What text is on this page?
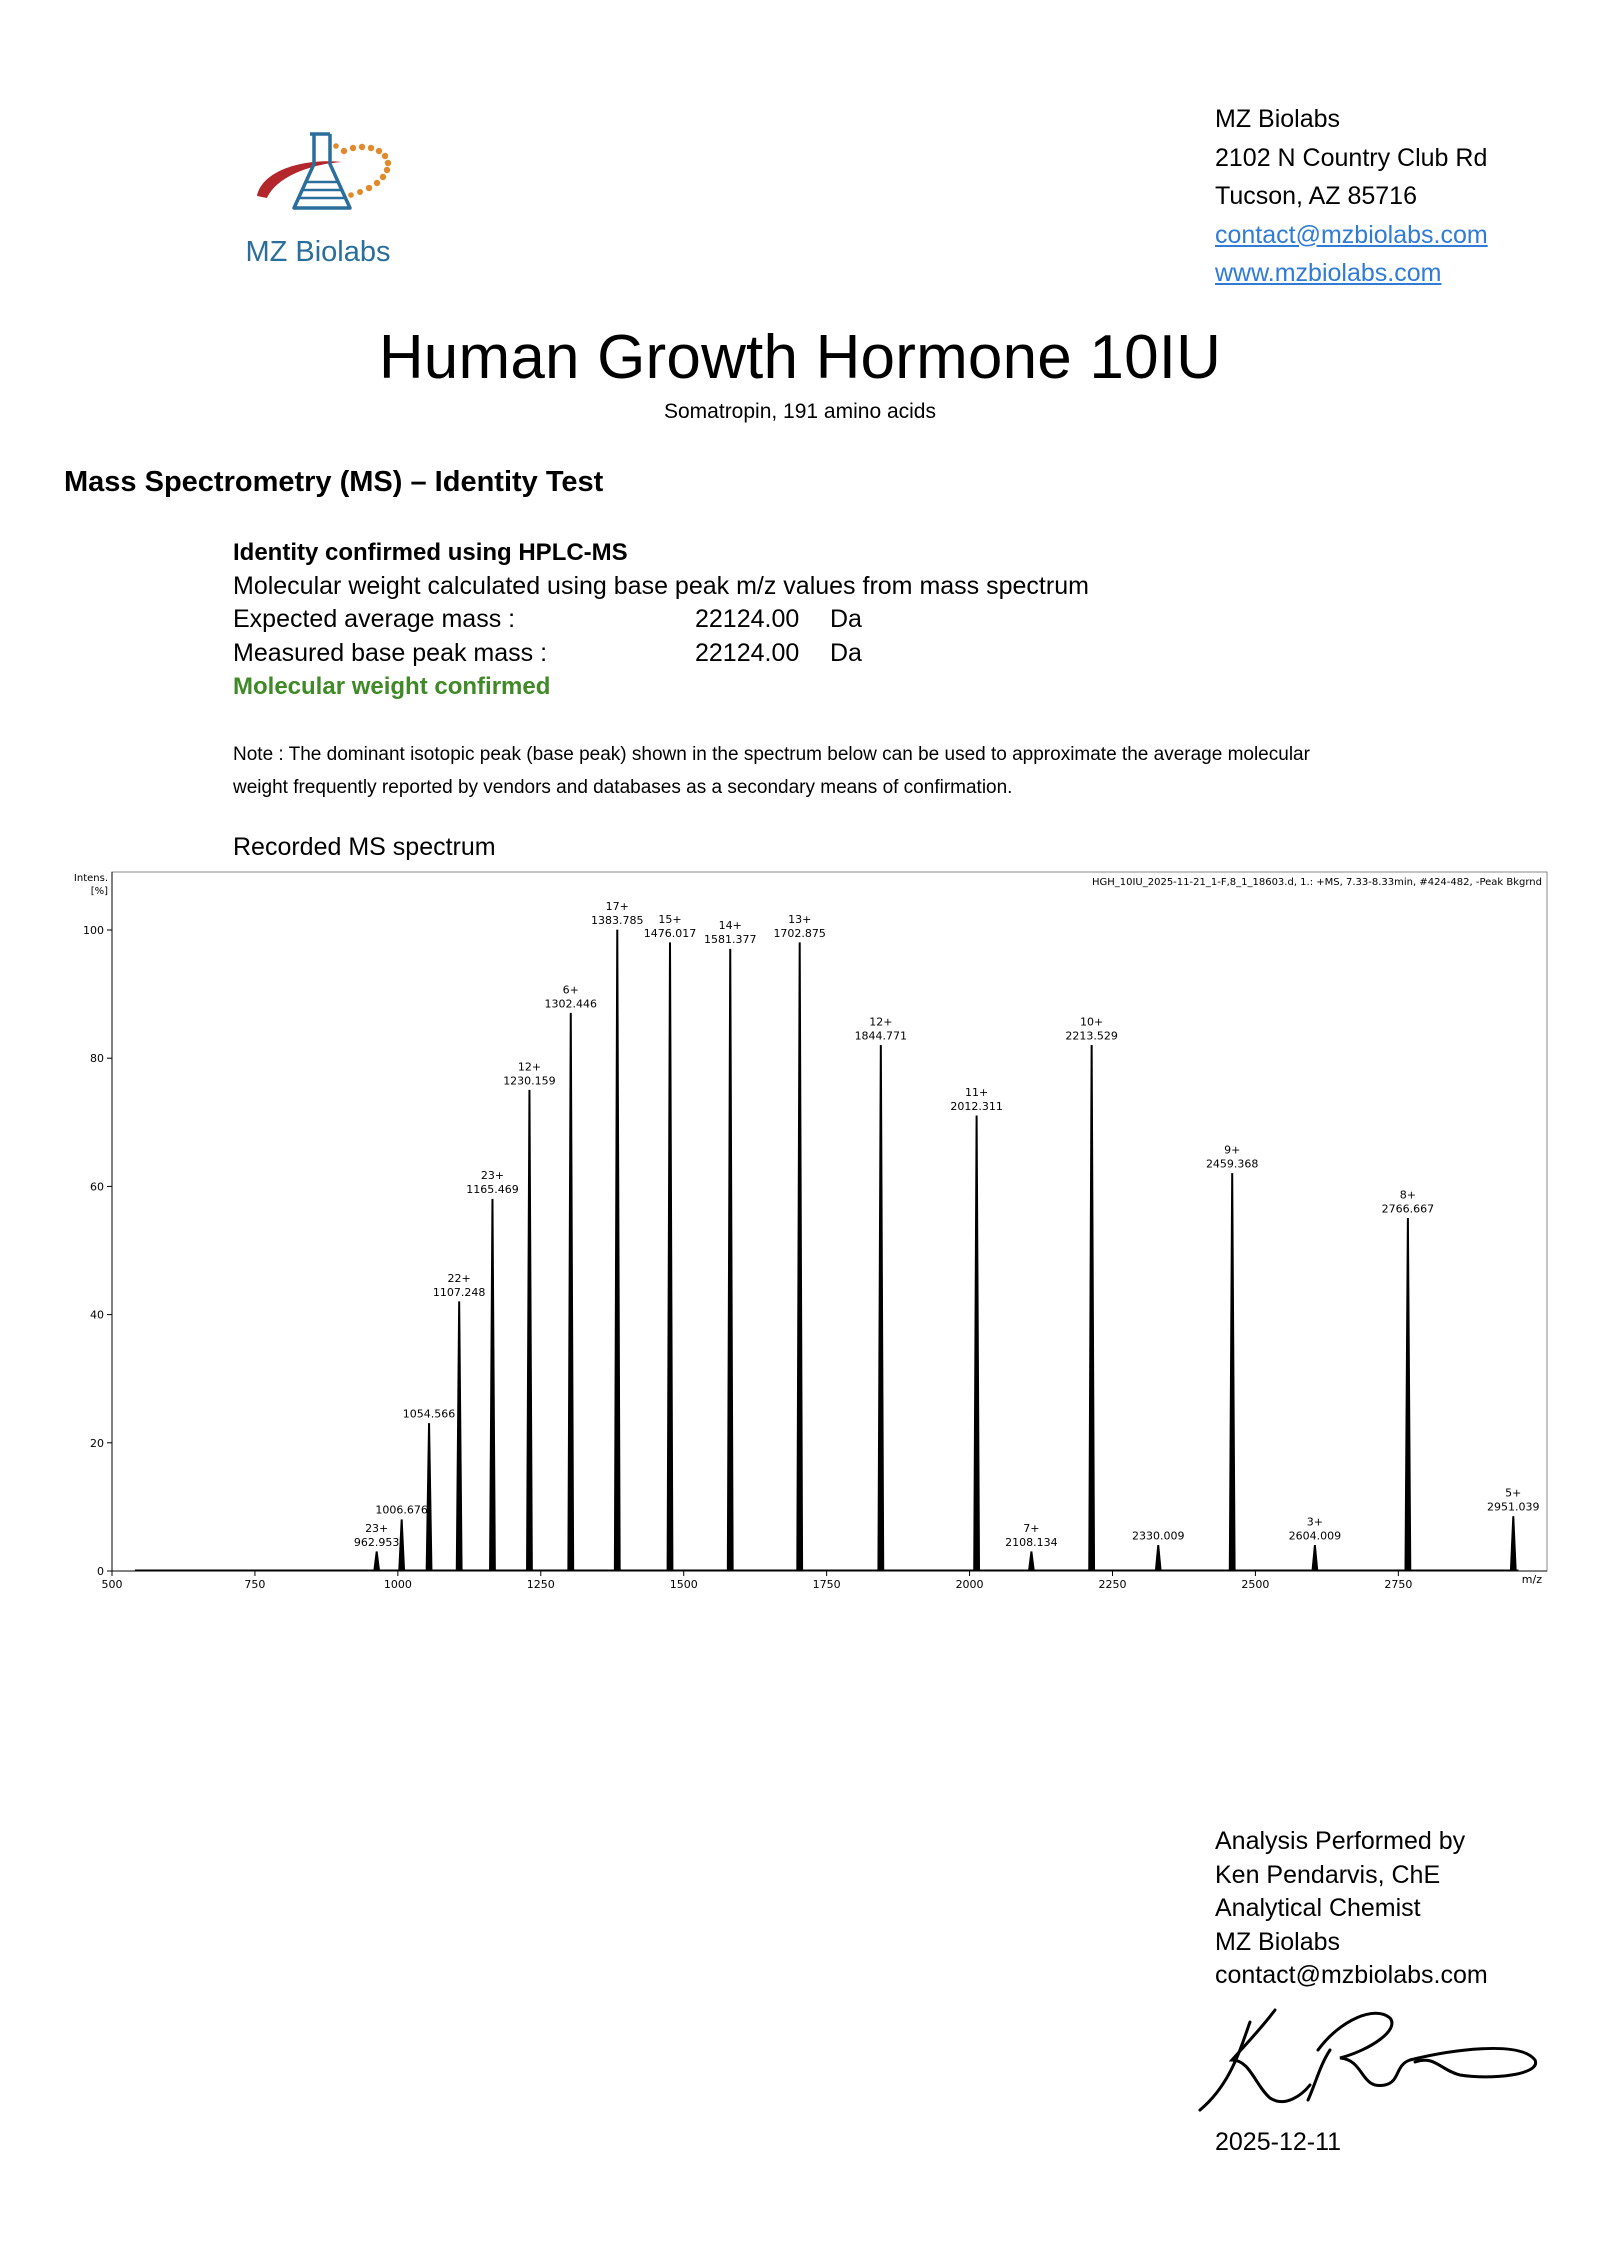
MZ Biolabs
MZ Biolabs
2102 N Country Club Rd
Tucson, AZ 85716
contact@mzbiolabs.com
www.mzbiolabs.com
Human Growth Hormone 10IU
Somatropin, 191 amino acids
Mass Spectrometry (MS) – Identity Test
Identity confirmed using HPLC-MS
Molecular weight calculated using base peak m/z values from mass spectrum
Expected average mass :	22124.00 Da
Measured base peak mass :	22124.00 Da
Molecular weight confirmed
Note : The dominant isotopic peak (base peak) shown in the spectrum below can be used to approximate the average molecular weight frequently reported by vendors and databases as a secondary means of confirmation.
Recorded MS spectrum
HGH_10IU_2025-11-21_1-F,8_1_18603.d, 1.: +MS, 7.33-8.33min, #424-482, -Peak Bkgrnd
Intens.
[%]
m/z
500	750	1000	1250	1500	1750	2000	2250	2500	2750
0
20
40
60
80
100
962.953
23+
1006.676
1054.566
1107.248
22+
1165.469
23+
1230.159
12+
1302.446
6+
1383.785
17+
1476.017
15+
1581.377
14+
1702.875
13+
1844.771
12+
2012.311
11+
2108.134
7+
2213.529
10+
2330.009
2459.368
9+
2604.009
3+
2766.667
8+
2951.039
5+
Analysis Performed by
Ken Pendarvis, ChE
Analytical Chemist
MZ Biolabs
contact@mzbiolabs.com
2025-12-11
